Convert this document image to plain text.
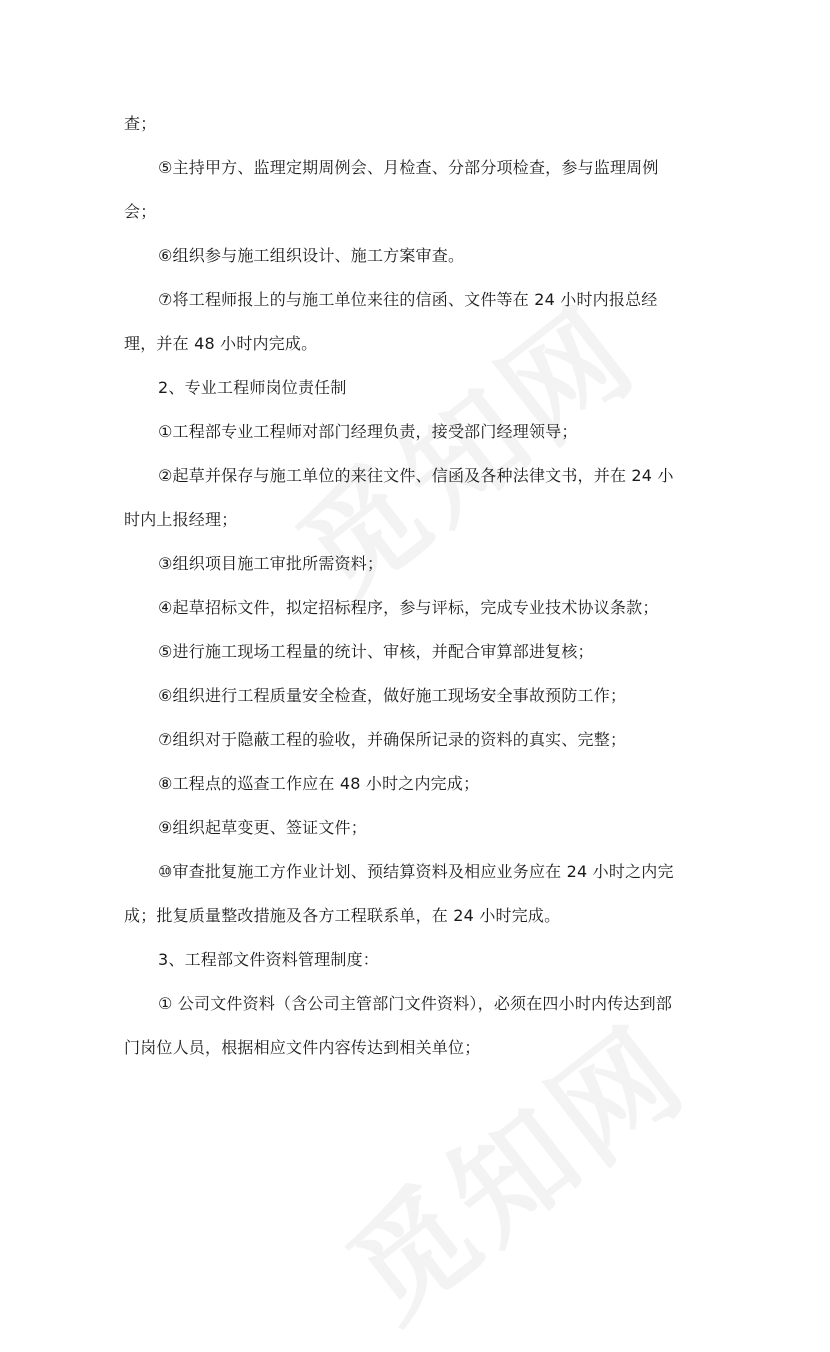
查；
⑤主持甲方、监理定期周例会、月检查、分部分项检查，参与监理周例
会；
⑥组织参与施工组织设计、施工方案审查。
⑦将工程师报上的与施工单位来往的信函、文件等在 24 小时内报总经
理，并在 48 小时内完成。
2、专业工程师岗位责任制
①工程部专业工程师对部门经理负责，接受部门经理领导；
②起草并保存与施工单位的来往文件、信函及各种法律文书，并在 24 小
时内上报经理；
③组织项目施工审批所需资料；
④起草招标文件，拟定招标程序，参与评标，完成专业技术协议条款；
⑤进行施工现场工程量的统计、审核，并配合审算部进复核；
⑥组织进行工程质量安全检查，做好施工现场安全事故预防工作；
⑦组织对于隐蔽工程的验收，并确保所记录的资料的真实、完整；
⑧工程点的巡查工作应在 48 小时之内完成；
⑨组织起草变更、签证文件；
⑩审查批复施工方作业计划、预结算资料及相应业务应在 24 小时之内完
成；批复质量整改措施及各方工程联系单，在 24 小时完成。
3、工程部文件资料管理制度：
① 公司文件资料（含公司主管部门文件资料），必须在四小时内传达到部
门岗位人员，根据相应文件内容传达到相关单位；
